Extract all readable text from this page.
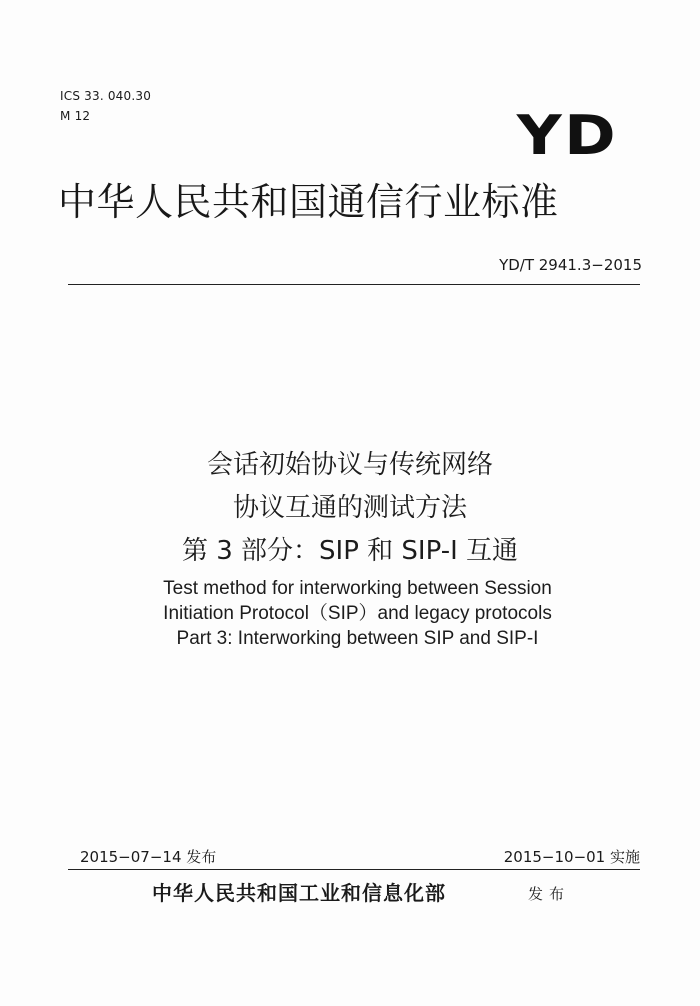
ICS 33. 040.30
M 12	YD
中华人民共和国通信行业标准
YD/T 2941.3−2015
会话初始协议与传统网络
协议互通的测试方法
第 3 部分：SIP 和 SIP-I 互通
Test method for interworking between Session
Initiation Protocol（SIP）and legacy protocols
Part 3: Interworking between SIP and SIP-I
2015−07−14 发布	2015−10−01 实施
中华人民共和国工业和信息化部	发布
